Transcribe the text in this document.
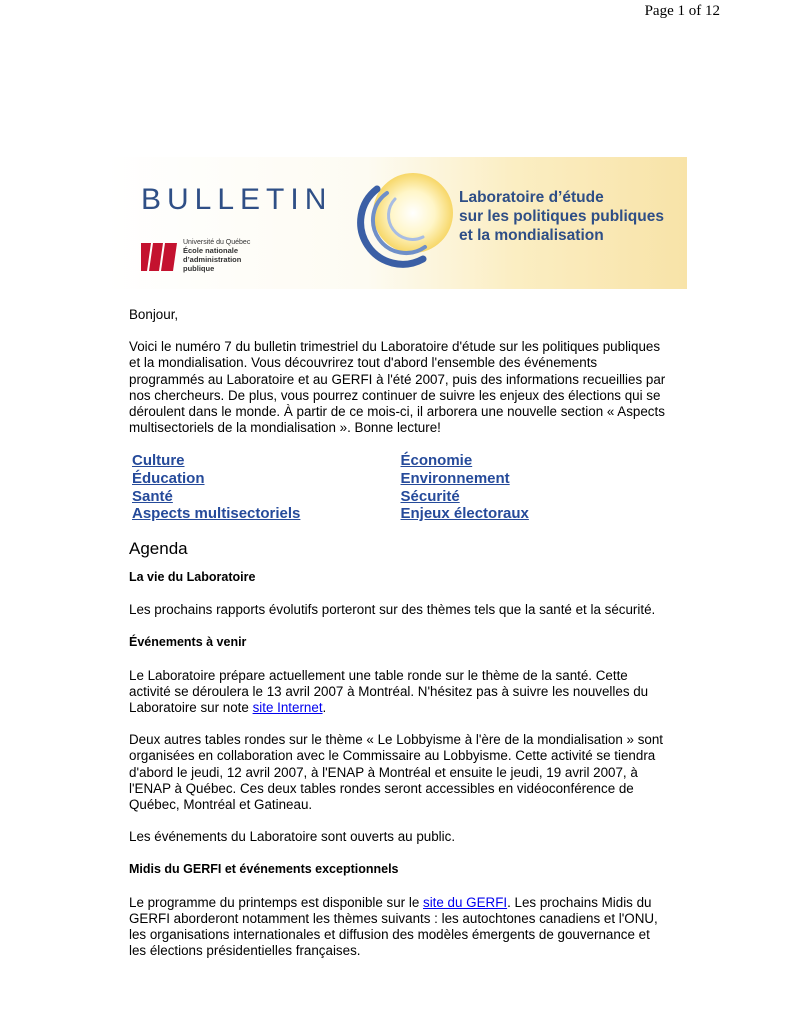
Page 1 of 12
BULLETIN	Laboratoire d’étude
sur les politiques publiques
et la mondialisation
Université du Québec
École nationale
d’administration
publique

Bonjour,

Voici le numéro 7 du bulletin trimestriel du Laboratoire d'étude sur les politiques publiques et la mondialisation. Vous découvrirez tout d'abord l'ensemble des événements programmés au Laboratoire et au GERFI à l'été 2007, puis des informations recueillies par nos chercheurs. De plus, vous pourrez continuer de suivre les enjeux des élections qui se déroulent dans le monde. À partir de ce mois-ci, il arborera une nouvelle section « Aspects multisectoriels de la mondialisation ». Bonne lecture!

Culture
Éducation
Santé
Aspects multisectoriels
Économie
Environnement
Sécurité
Enjeux électoraux
Agenda
La vie du Laboratoire

Les prochains rapports évolutifs porteront sur des thèmes tels que la santé et la sécurité.

Événements à venir

Le Laboratoire prépare actuellement une table ronde sur le thème de la santé. Cette activité se déroulera le 13 avril 2007 à Montréal. N'hésitez pas à suivre les nouvelles du Laboratoire sur note site Internet.

Deux autres tables rondes sur le thème « Le Lobbyisme à l'ère de la mondialisation » sont organisées en collaboration avec le Commissaire au Lobbyisme. Cette activité se tiendra d'abord le jeudi, 12 avril 2007, à l'ENAP à Montréal et ensuite le jeudi, 19 avril 2007, à l'ENAP à Québec. Ces deux tables rondes seront accessibles en vidéoconférence de Québec, Montréal et Gatineau.

Les événements du Laboratoire sont ouverts au public.

Midis du GERFI et événements exceptionnels

Le programme du printemps est disponible sur le site du GERFI. Les prochains Midis du GERFI aborderont notamment les thèmes suivants : les autochtones canadiens et l'ONU, les organisations internationales et diffusion des modèles émergents de gouvernance et les élections présidentielles françaises.
